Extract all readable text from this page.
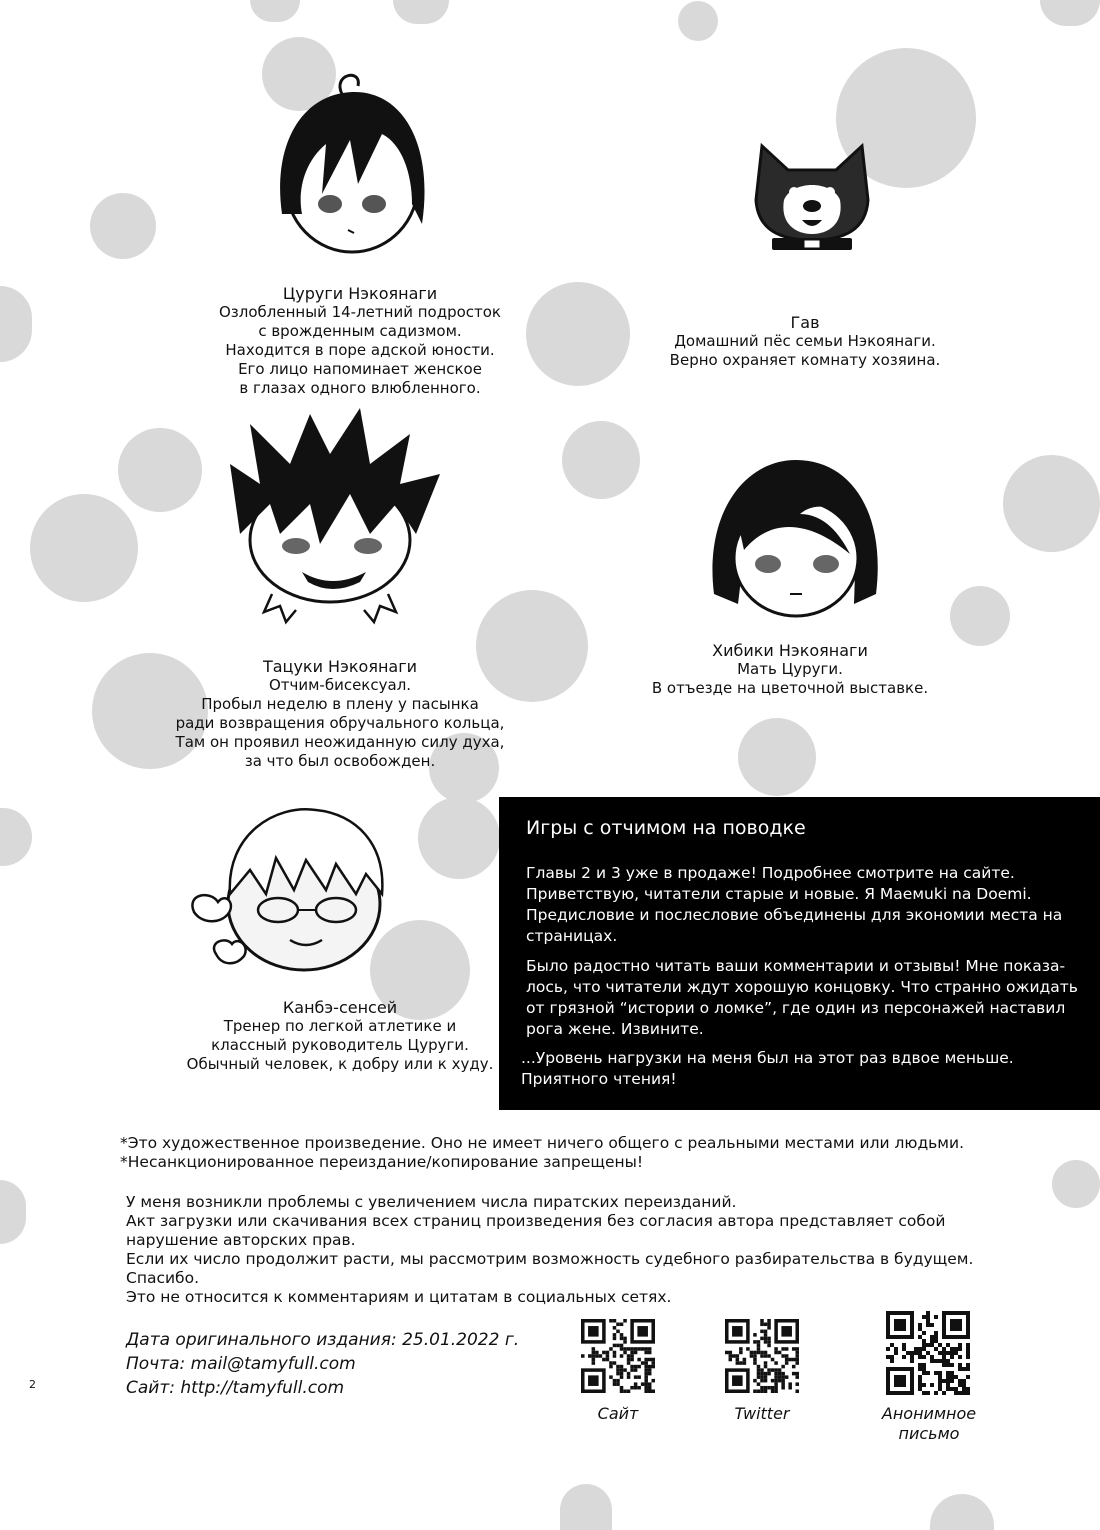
Цуруги Нэкоянаги
Озлобленный 14-летний подросток
с врожденным садизмом.
Находится в поре адской юности.
Его лицо напоминает женское
в глазах одного влюбленного.
Гав
Домашний пёс семьи Нэкоянаги.
Верно охраняет комнату хозяина.
Тацуки Нэкоянаги
Отчим-бисексуал.
Пробыл неделю в плену у пасынка
ради возвращения обручального кольца,
Там он проявил неожиданную силу духа,
за что был освобожден.
Хибики Нэкоянаги
Мать Цуруги.
В отъезде на цветочной выставке.
Канбэ-сенсей
Тренер по легкой атлетике и
классный руководитель Цуруги.
Обычный человек, к добру или к худу.
Игры с отчимом на поводке
Главы 2 и 3 уже в продаже! Подробнее смотрите на сайте.
Приветствую, читатели старые и новые. Я Маемuki na Doemi.
Предисловие и послесловие объединены для экономии места на
страницах.
Было радостно читать ваши комментарии и отзывы! Мне показа-
лось, что читатели ждут хорошую концовку. Что странно ожидать
от грязной “истории о ломке”, где один из персонажей наставил
рога жене. Извините.
...Уровень нагрузки на меня был на этот раз вдвое меньше.
Приятного чтения!
*Это художественное произведение. Оно не имеет ничего общего с реальными местами или людьми.
*Несанкционированное переиздание/копирование запрещены!
У меня возникли проблемы с увеличением числа пиратских переизданий.
Акт загрузки или скачивания всех страниц произведения без согласия автора представляет собой
нарушение авторских прав.
Если их число продолжит расти, мы рассмотрим возможность судебного разбирательства в будущем.
Спасибо.
Это не относится к комментариям и цитатам в социальных сетях.
Дата оригинального издания: 25.01.2022 г.
Почта: mail@tamyfull.com
Сайт: http://tamyfull.com
Сайт	Twitter	Анонимное письмо
2
